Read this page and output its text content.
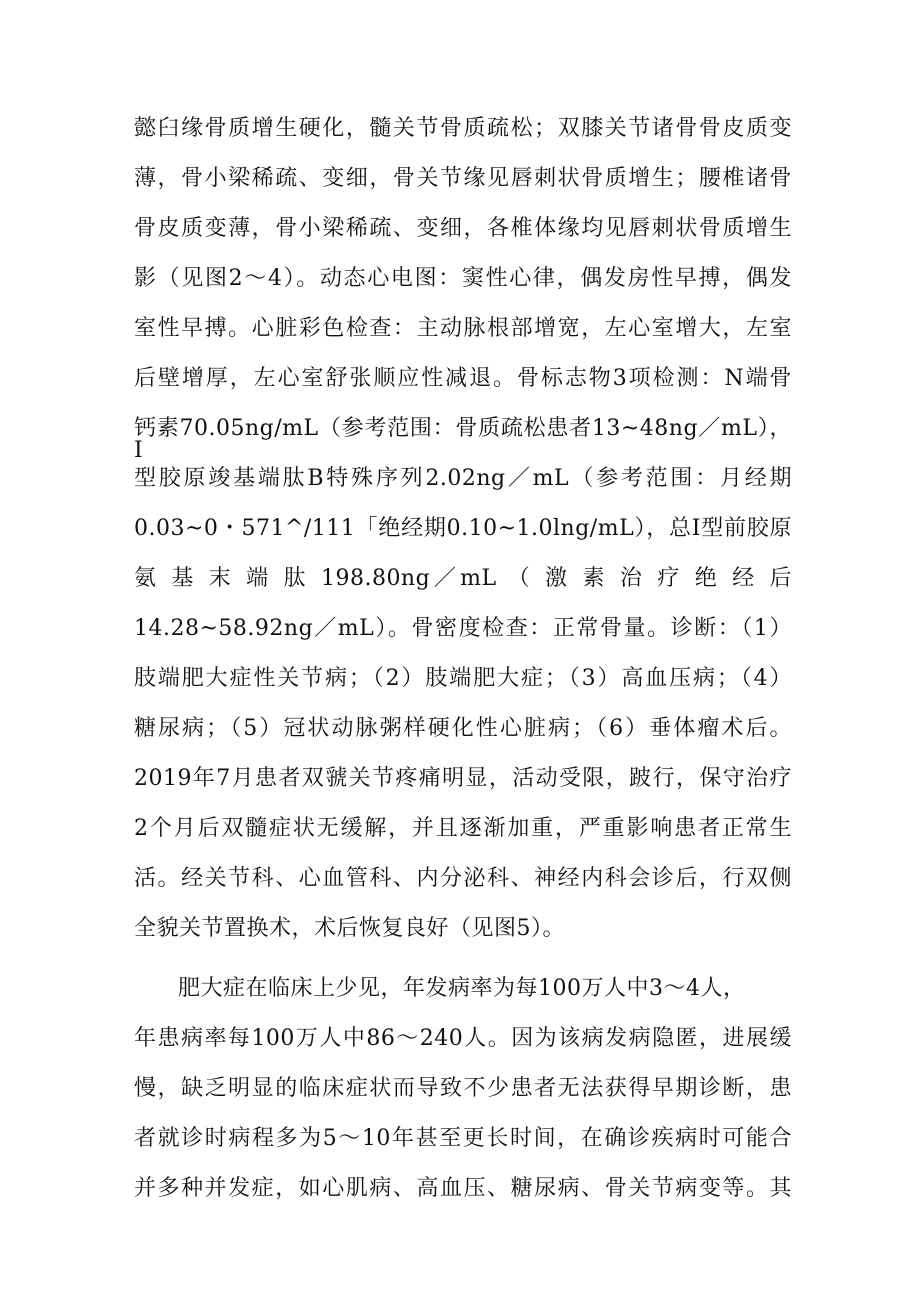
懿臼缘骨质增生硬化，髓关节骨质疏松；双膝关节诸骨骨皮质变
薄，骨小梁稀疏、变细，骨关节缘见唇刺状骨质增生；腰椎诸骨
骨皮质变薄，骨小梁稀疏、变细，各椎体缘均见唇刺状骨质增生
影（见图2〜4）。动态心电图：窦性心律，偶发房性早搏，偶发
室性早搏。心脏彩色检查：主动脉根部增宽，左心室增大，左室
后壁增厚，左心室舒张顺应性减退。骨标志物3项检测：N端骨
钙素70.05ng/mL（参考范围：骨质疏松患者13~48ng／mL），I
型胶原竣基端肽B特殊序列2.02ng／mL（参考范围：月经期
0.03~0・571^/111「绝经期0.10~1.0lng/mL），总I型前胶原
氨 基 末 端 肽 198.80ng／mL （ 激 素 治 疗 绝 经 后
14.28~58.92ng／mL）。骨密度检查：正常骨量。诊断：（1）
肢端肥大症性关节病；（2）肢端肥大症；（3）高血压病；（4）
糖尿病；（5）冠状动脉粥样硬化性心脏病；（6）垂体瘤术后。
2019年7月患者双虢关节疼痛明显，活动受限，跛行，保守治疗
2个月后双髓症状无缓解，并且逐渐加重，严重影响患者正常生
活。经关节科、心血管科、内分泌科、神经内科会诊后，行双侧
全貌关节置换术，术后恢复良好（见图5）。
肥大症在临床上少见，年发病率为每100万人中3〜4人，
年患病率每100万人中86〜240人。因为该病发病隐匿，进展缓
慢，缺乏明显的临床症状而导致不少患者无法获得早期诊断，患
者就诊时病程多为5〜10年甚至更长时间，在确诊疾病时可能合
并多种并发症，如心肌病、高血压、糖尿病、骨关节病变等。其
